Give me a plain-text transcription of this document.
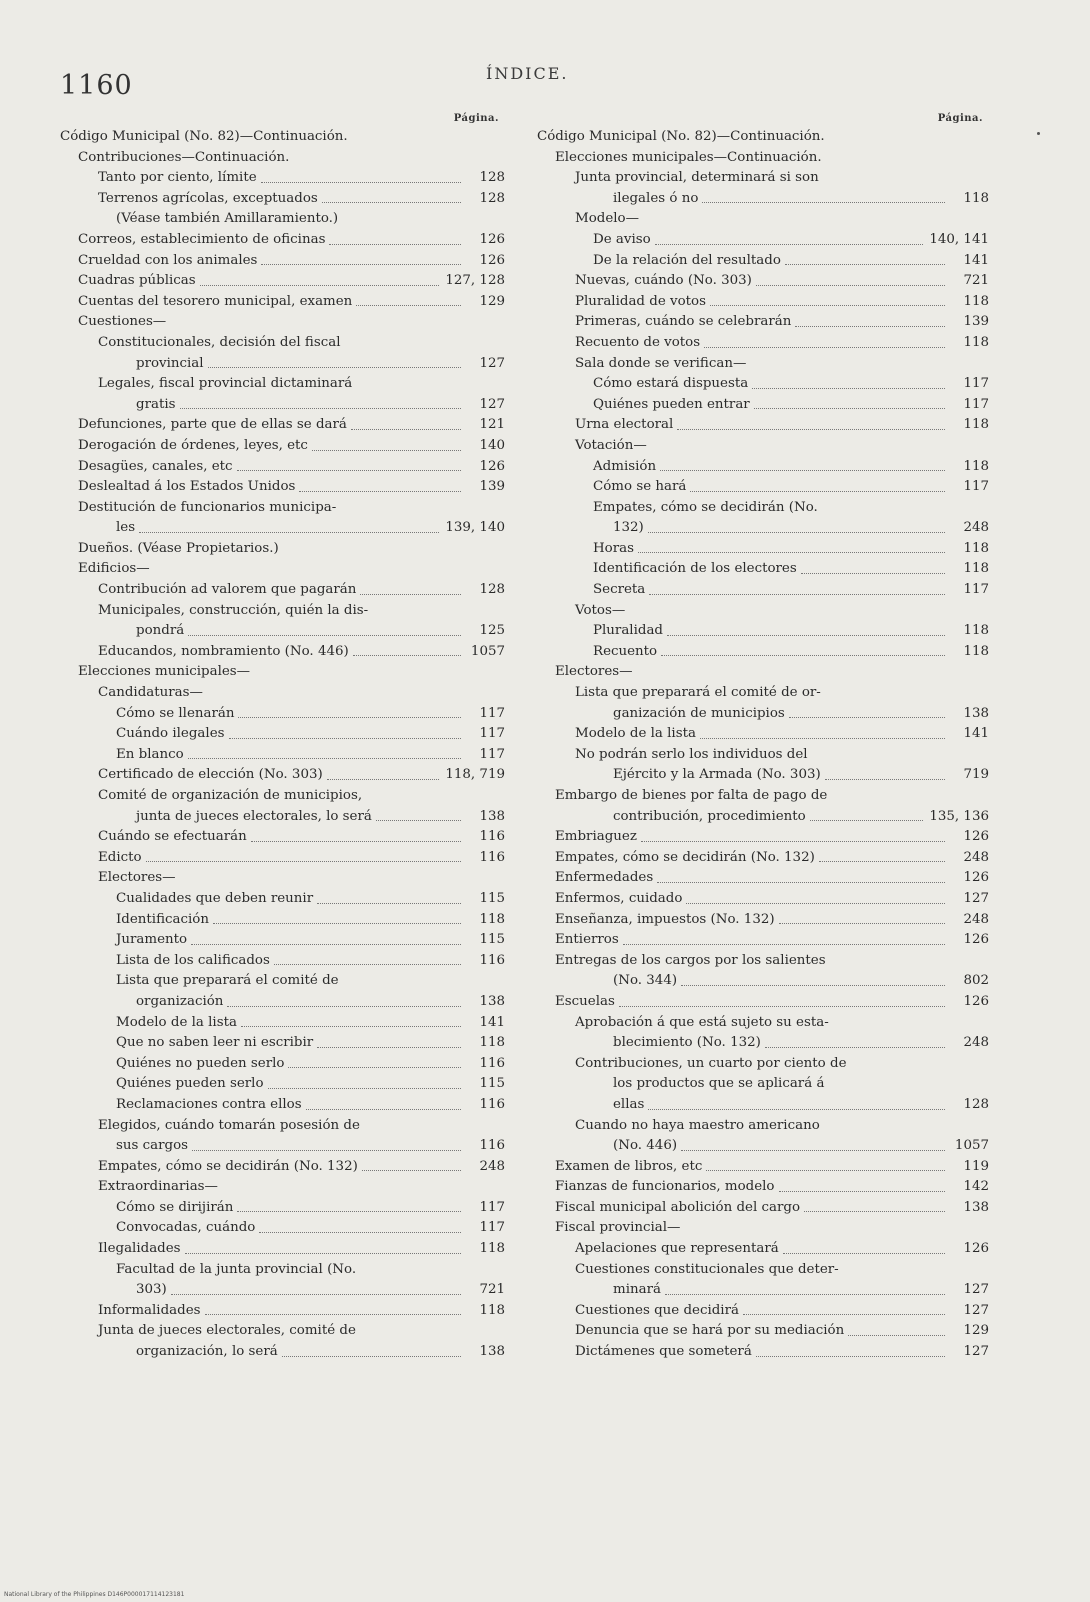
1160	ÍNDICE.
Página.
Código Municipal (No. 82)—Continuación.
Contribuciones—Continuación.
Tanto por ciento, límite	128
Terrenos agrícolas, exceptuados	128
(Véase también Amillaramiento.)
Correos, establecimiento de oficinas	126
Crueldad con los animales	126
Cuadras públicas	127, 128
Cuentas del tesorero municipal, examen	129
Cuestiones—
Constitucionales, decisión del fiscal
provincial	127
Legales, fiscal provincial dictaminará
gratis	127
Defunciones, parte que de ellas se dará	121
Derogación de órdenes, leyes, etc	140
Desagües, canales, etc	126
Deslealtad á los Estados Unidos	139
Destitución de funcionarios municipa-
les	139, 140
Dueños. (Véase Propietarios.)
Edificios—
Contribución ad valorem que pagarán	128
Municipales, construcción, quién la dis-
pondrá	125
Educandos, nombramiento (No. 446)	1057
Elecciones municipales—
Candidaturas—
Cómo se llenarán	117
Cuándo ilegales	117
En blanco	117
Certificado de elección (No. 303)	118, 719
Comité de organización de municipios,
junta de jueces electorales, lo será	138
Cuándo se efectuarán	116
Edicto	116
Electores—
Cualidades que deben reunir	115
Identificación	118
Juramento	115
Lista de los calificados	116
Lista que preparará el comité de
organización	138
Modelo de la lista	141
Que no saben leer ni escribir	118
Quiénes no pueden serlo	116
Quiénes pueden serlo	115
Reclamaciones contra ellos	116
Elegidos, cuándo tomarán posesión de
sus cargos	116
Empates, cómo se decidirán (No. 132)	248
Extraordinarias—
Cómo se dirijirán	117
Convocadas, cuándo	117
Ilegalidades	118
Facultad de la junta provincial (No.
303)	721
Informalidades	118
Junta de jueces electorales, comité de
organización, lo será	138
Página.
Código Municipal (No. 82)—Continuación.
Elecciones municipales—Continuación.
Junta provincial, determinará si son
ilegales ó no	118
Modelo—
De aviso	140, 141
De la relación del resultado	141
Nuevas, cuándo (No. 303)	721
Pluralidad de votos	118
Primeras, cuándo se celebrarán	139
Recuento de votos	118
Sala donde se verifican—
Cómo estará dispuesta	117
Quiénes pueden entrar	117
Urna electoral	118
Votación—
Admisión	118
Cómo se hará	117
Empates, cómo se decidirán (No.
132)	248
Horas	118
Identificación de los electores	118
Secreta	117
Votos—
Pluralidad	118
Recuento	118
Electores—
Lista que preparará el comité de or-
ganización de municipios	138
Modelo de la lista	141
No podrán serlo los individuos del
Ejército y la Armada (No. 303)	719
Embargo de bienes por falta de pago de
contribución, procedimiento	135, 136
Embriaguez	126
Empates, cómo se decidirán (No. 132)	248
Enfermedades	126
Enfermos, cuidado	127
Enseñanza, impuestos (No. 132)	248
Entierros	126
Entregas de los cargos por los salientes
(No. 344)	802
Escuelas	126
Aprobación á que está sujeto su esta-
blecimiento (No. 132)	248
Contribuciones, un cuarto por ciento de
los productos que se aplicará á
ellas	128
Cuando no haya maestro americano
(No. 446)	1057
Examen de libros, etc	119
Fianzas de funcionarios, modelo	142
Fiscal municipal abolición del cargo	138
Fiscal provincial—
Apelaciones que representará	126
Cuestiones constitucionales que deter-
minará	127
Cuestiones que decidirá	127
Denuncia que se hará por su mediación	129
Dictámenes que someterá	127
National Library of the Philippines D146P000017114123181
